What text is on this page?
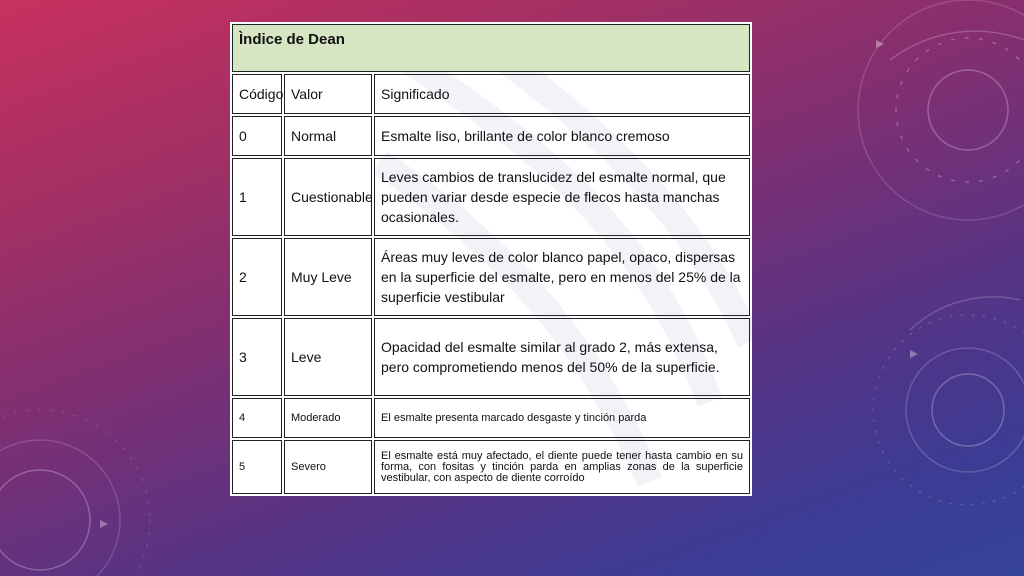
Ìndice de Dean		
Código	Valor	Significado
0	Normal	Esmalte liso, brillante de color blanco cremoso
1	Cuestionable	Leves cambios de translucidez del esmalte normal, que pueden variar desde especie de flecos hasta manchas ocasionales.
2	Muy Leve	Áreas muy leves de color blanco papel, opaco, dispersas en la superficie del esmalte, pero en menos del 25% de la superficie vestibular
3	Leve	Opacidad del esmalte similar al grado 2, más extensa, pero comprometiendo menos del 50% de la superficie.
4	Moderado	El esmalte presenta marcado desgaste y tinción parda
5	Severo	El esmalte está muy afectado, el diente puede tener hasta cambio en su forma, con fositas y tinción parda en amplias zonas de la superficie vestibular, con aspecto de diente corroído
